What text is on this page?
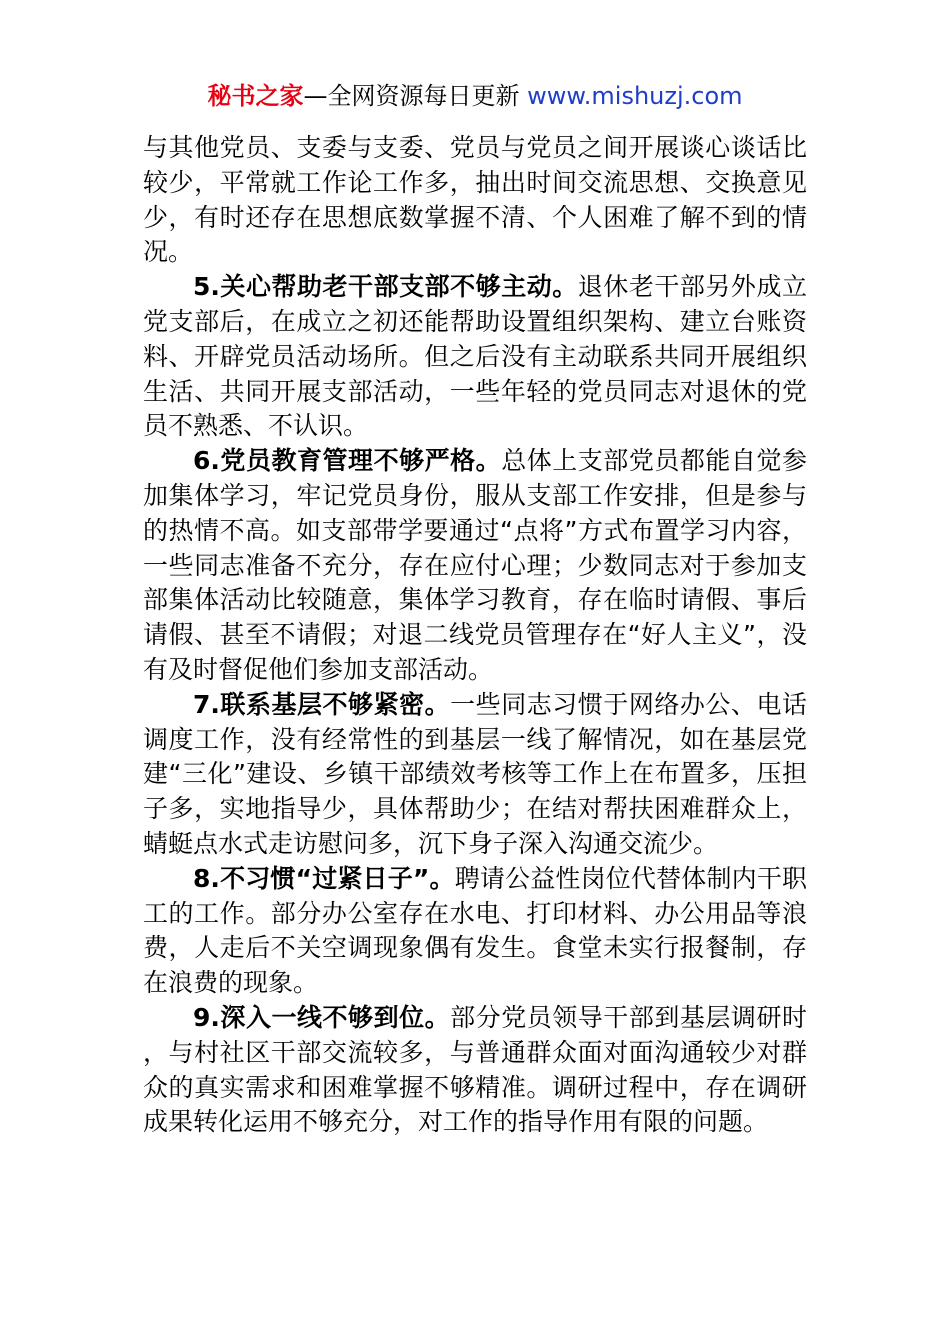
秘书之家—全网资源每日更新 www.mishuzj.com

与其他党员、支委与支委、党员与党员之间开展谈心谈话比较少，平常就工作论工作多，抽出时间交流思想、交换意见少，有时还存在思想底数掌握不清、个人困难了解不到的情况。

5.关心帮助老干部支部不够主动。退休老干部另外成立党支部后，在成立之初还能帮助设置组织架构、建立台账资料、开辟党员活动场所。但之后没有主动联系共同开展组织生活、共同开展支部活动，一些年轻的党员同志对退休的党员不熟悉、不认识。

6.党员教育管理不够严格。总体上支部党员都能自觉参加集体学习，牢记党员身份，服从支部工作安排，但是参与的热情不高。如支部带学要通过“点将”方式布置学习内容，一些同志准备不充分，存在应付心理；少数同志对于参加支部集体活动比较随意，集体学习教育，存在临时请假、事后请假、甚至不请假；对退二线党员管理存在“好人主义”，没有及时督促他们参加支部活动。

7.联系基层不够紧密。一些同志习惯于网络办公、电话调度工作，没有经常性的到基层一线了解情况，如在基层党建“三化”建设、乡镇干部绩效考核等工作上在布置多，压担子多，实地指导少，具体帮助少；在结对帮扶困难群众上，蜻蜓点水式走访慰问多，沉下身子深入沟通交流少。

8.不习惯“过紧日子”。聘请公益性岗位代替体制内干职工的工作。部分办公室存在水电、打印材料、办公用品等浪费，人走后不关空调现象偶有发生。食堂未实行报餐制，存在浪费的现象。

9.深入一线不够到位。部分党员领导干部到基层调研时，与村社区干部交流较多，与普通群众面对面沟通较少对群众的真实需求和困难掌握不够精准。调研过程中，存在调研成果转化运用不够充分，对工作的指导作用有限的问题。
